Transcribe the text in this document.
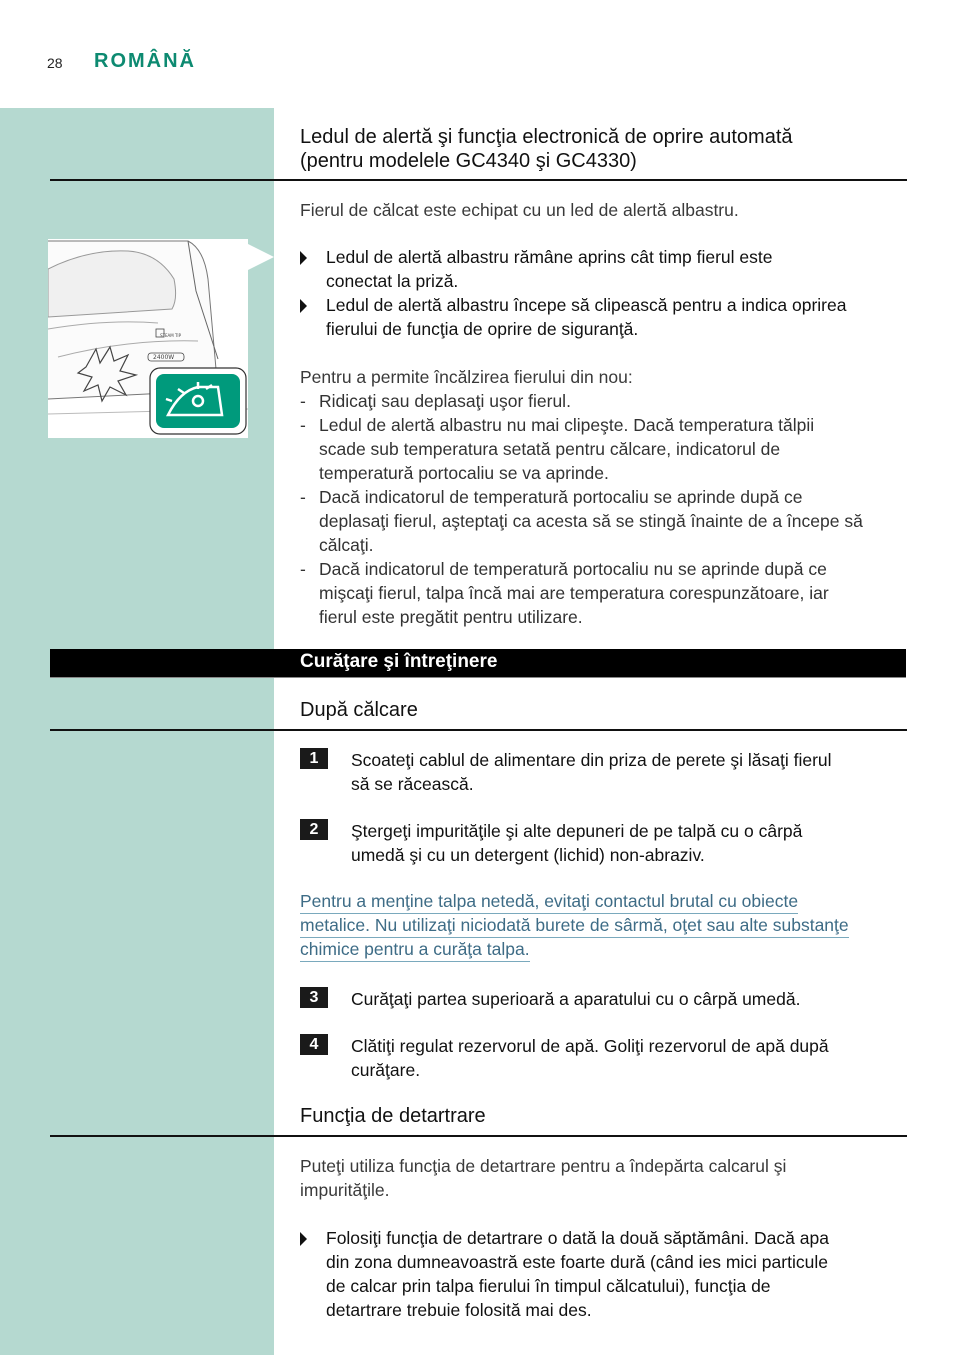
28 ROMÂNĂ
Ledul de alertă şi funcţia electronică de oprire automată
(pentru modelele GC4340 şi GC4330)
Fierul de călcat este echipat cu un led de alertă albastru.
Ledul de alertă albastru rămâne aprins cât timp fierul este
conectat la priză.
Ledul de alertă albastru începe să clipească pentru a indica oprirea
fierului de funcţia de oprire de siguranţă.
Pentru a permite încălzirea fierului din nou:
- Ridicaţi sau deplasaţi uşor fierul.
- Ledul de alertă albastru nu mai clipeşte. Dacă temperatura tălpii
scade sub temperatura setată pentru călcare, indicatorul de
temperatură portocaliu se va aprinde.
- Dacă indicatorul de temperatură portocaliu se aprinde după ce
deplasaţi fierul, aşteptaţi ca acesta să se stingă înainte de a începe să
călcaţi.
- Dacă indicatorul de temperatură portocaliu nu se aprinde după ce
mişcaţi fierul, talpa încă mai are temperatura corespunzătoare, iar
fierul este pregătit pentru utilizare.
2400W
STEAM TIP
Curăţare şi întreţinere
După călcare
1	Scoateţi cablul de alimentare din priza de perete şi lăsaţi fierul
să se răcească.
2	Ştergeţi impurităţile şi alte depuneri de pe talpă cu o cârpă
umedă şi cu un detergent (lichid) non-abraziv.
Pentru a menţine talpa netedă, evitaţi contactul brutal cu obiecte
metalice. Nu utilizaţi niciodată burete de sârmă, oţet sau alte substanţe
chimice pentru a curăţa talpa.
3	Curăţaţi partea superioară a aparatului cu o cârpă umedă.
4	Clătiţi regulat rezervorul de apă. Goliţi rezervorul de apă după
curăţare.
Funcţia de detartrare
Puteţi utiliza funcţia de detartrare pentru a îndepărta calcarul şi
impurităţile.
Folosiţi funcţia de detartrare o dată la două săptămâni. Dacă apa
din zona dumneavoastră este foarte dură (când ies mici particule
de calcar prin talpa fierului în timpul călcatului), funcţia de
detartrare trebuie folosită mai des.
